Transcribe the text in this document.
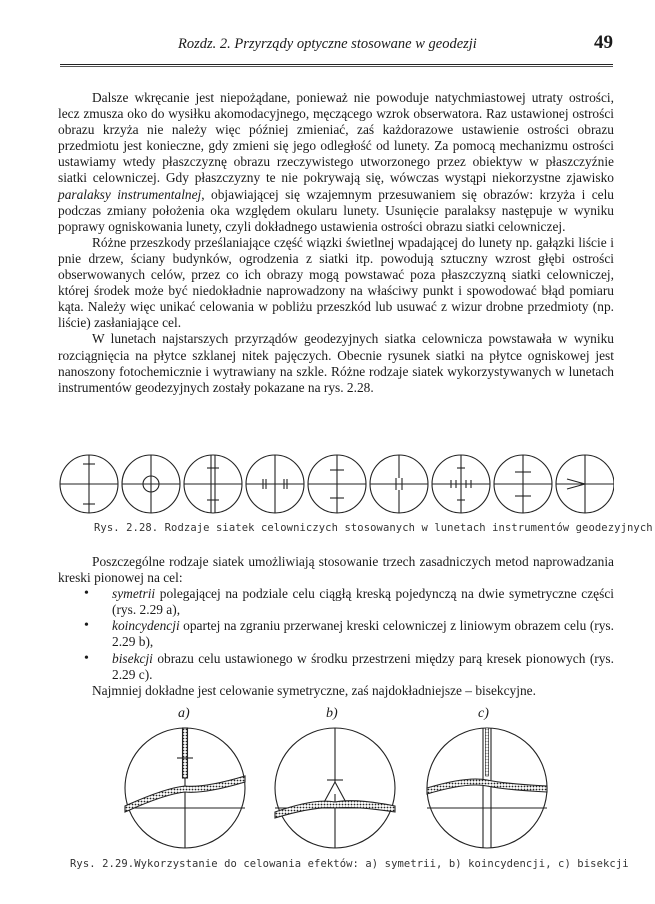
Rozdz. 2. Przyrządy optyczne stosowane w geodezji	49

Dalsze wkręcanie jest niepożądane, ponieważ nie powoduje natychmiastowej utraty ostrości, lecz zmusza oko do wysiłku akomodacyjnego, męczącego wzrok obserwatora. Raz ustawionej ostrości obrazu krzyża nie należy więc później zmieniać, zaś każdorazowe ustawienie ostrości obrazu przedmiotu jest konieczne, gdy zmieni się jego odległość od lunety. Za pomocą mechanizmu ostrości ustawiamy wtedy płaszczyznę obrazu rzeczywistego utworzonego przez obiektyw w płaszczyźnie siatki celowniczej. Gdy płaszczyzny te nie pokrywają się, wówczas wystąpi niekorzystne zjawisko paralaksy instrumentalnej, objawiającej się wzajemnym przesuwaniem się obrazów: krzyża i celu podczas zmiany położenia oka względem okularu lunety. Usunięcie paralaksy następuje w wyniku poprawy ogniskowania lunety, czyli dokładnego ustawienia ostrości obrazu siatki celowniczej.

Różne przeszkody prześlaniające część wiązki świetlnej wpadającej do lunety np. gałązki liście i pnie drzew, ściany budynków, ogrodzenia z siatki itp. powodują sztuczny wzrost głębi ostrości obserwowanych celów, przez co ich obrazy mogą powstawać poza płaszczyzną siatki celowniczej, której środek może być niedokładnie naprowadzony na właściwy punkt i spowodować błąd pomiaru kąta. Należy więc unikać celowania w pobliżu przeszkód lub usuwać z wizur drobne przedmioty (np. liście) zasłaniające cel.

W lunetach najstarszych przyrządów geodezyjnych siatka celownicza powstawała w wyniku rozciągnięcia na płytce szklanej nitek pajęczych. Obecnie rysunek siatki na płytce ogniskowej jest nanoszony fotochemicznie i wytrawiany na szkle. Różne rodzaje siatek wykorzystywanych w lunetach instrumentów geodezyjnych zostały pokazane na rys. 2.28.

Rys. 2.28. Rodzaje siatek celowniczych stosowanych w lunetach instrumentów geodezyjnych

Poszczególne rodzaje siatek umożliwiają stosowanie trzech zasadniczych metod naprowadzania kreski pionowej na cel:

• symetrii polegającej na podziale celu ciągłą kreską pojedynczą na dwie symetryczne części (rys. 2.29 a),
• koincydencji opartej na zgraniu przerwanej kreski celowniczej z liniowym obrazem celu (rys. 2.29 b),
• bisekcji obrazu celu ustawionego w środku przestrzeni między parą kresek pionowych (rys. 2.29 c).

Najmniej dokładne jest celowanie symetryczne, zaś najdokładniejsze – bisekcyjne.

a)	b)	c)
Rys. 2.29.Wykorzystanie do celowania efektów: a) symetrii, b) koincydencji, c) bisekcji
